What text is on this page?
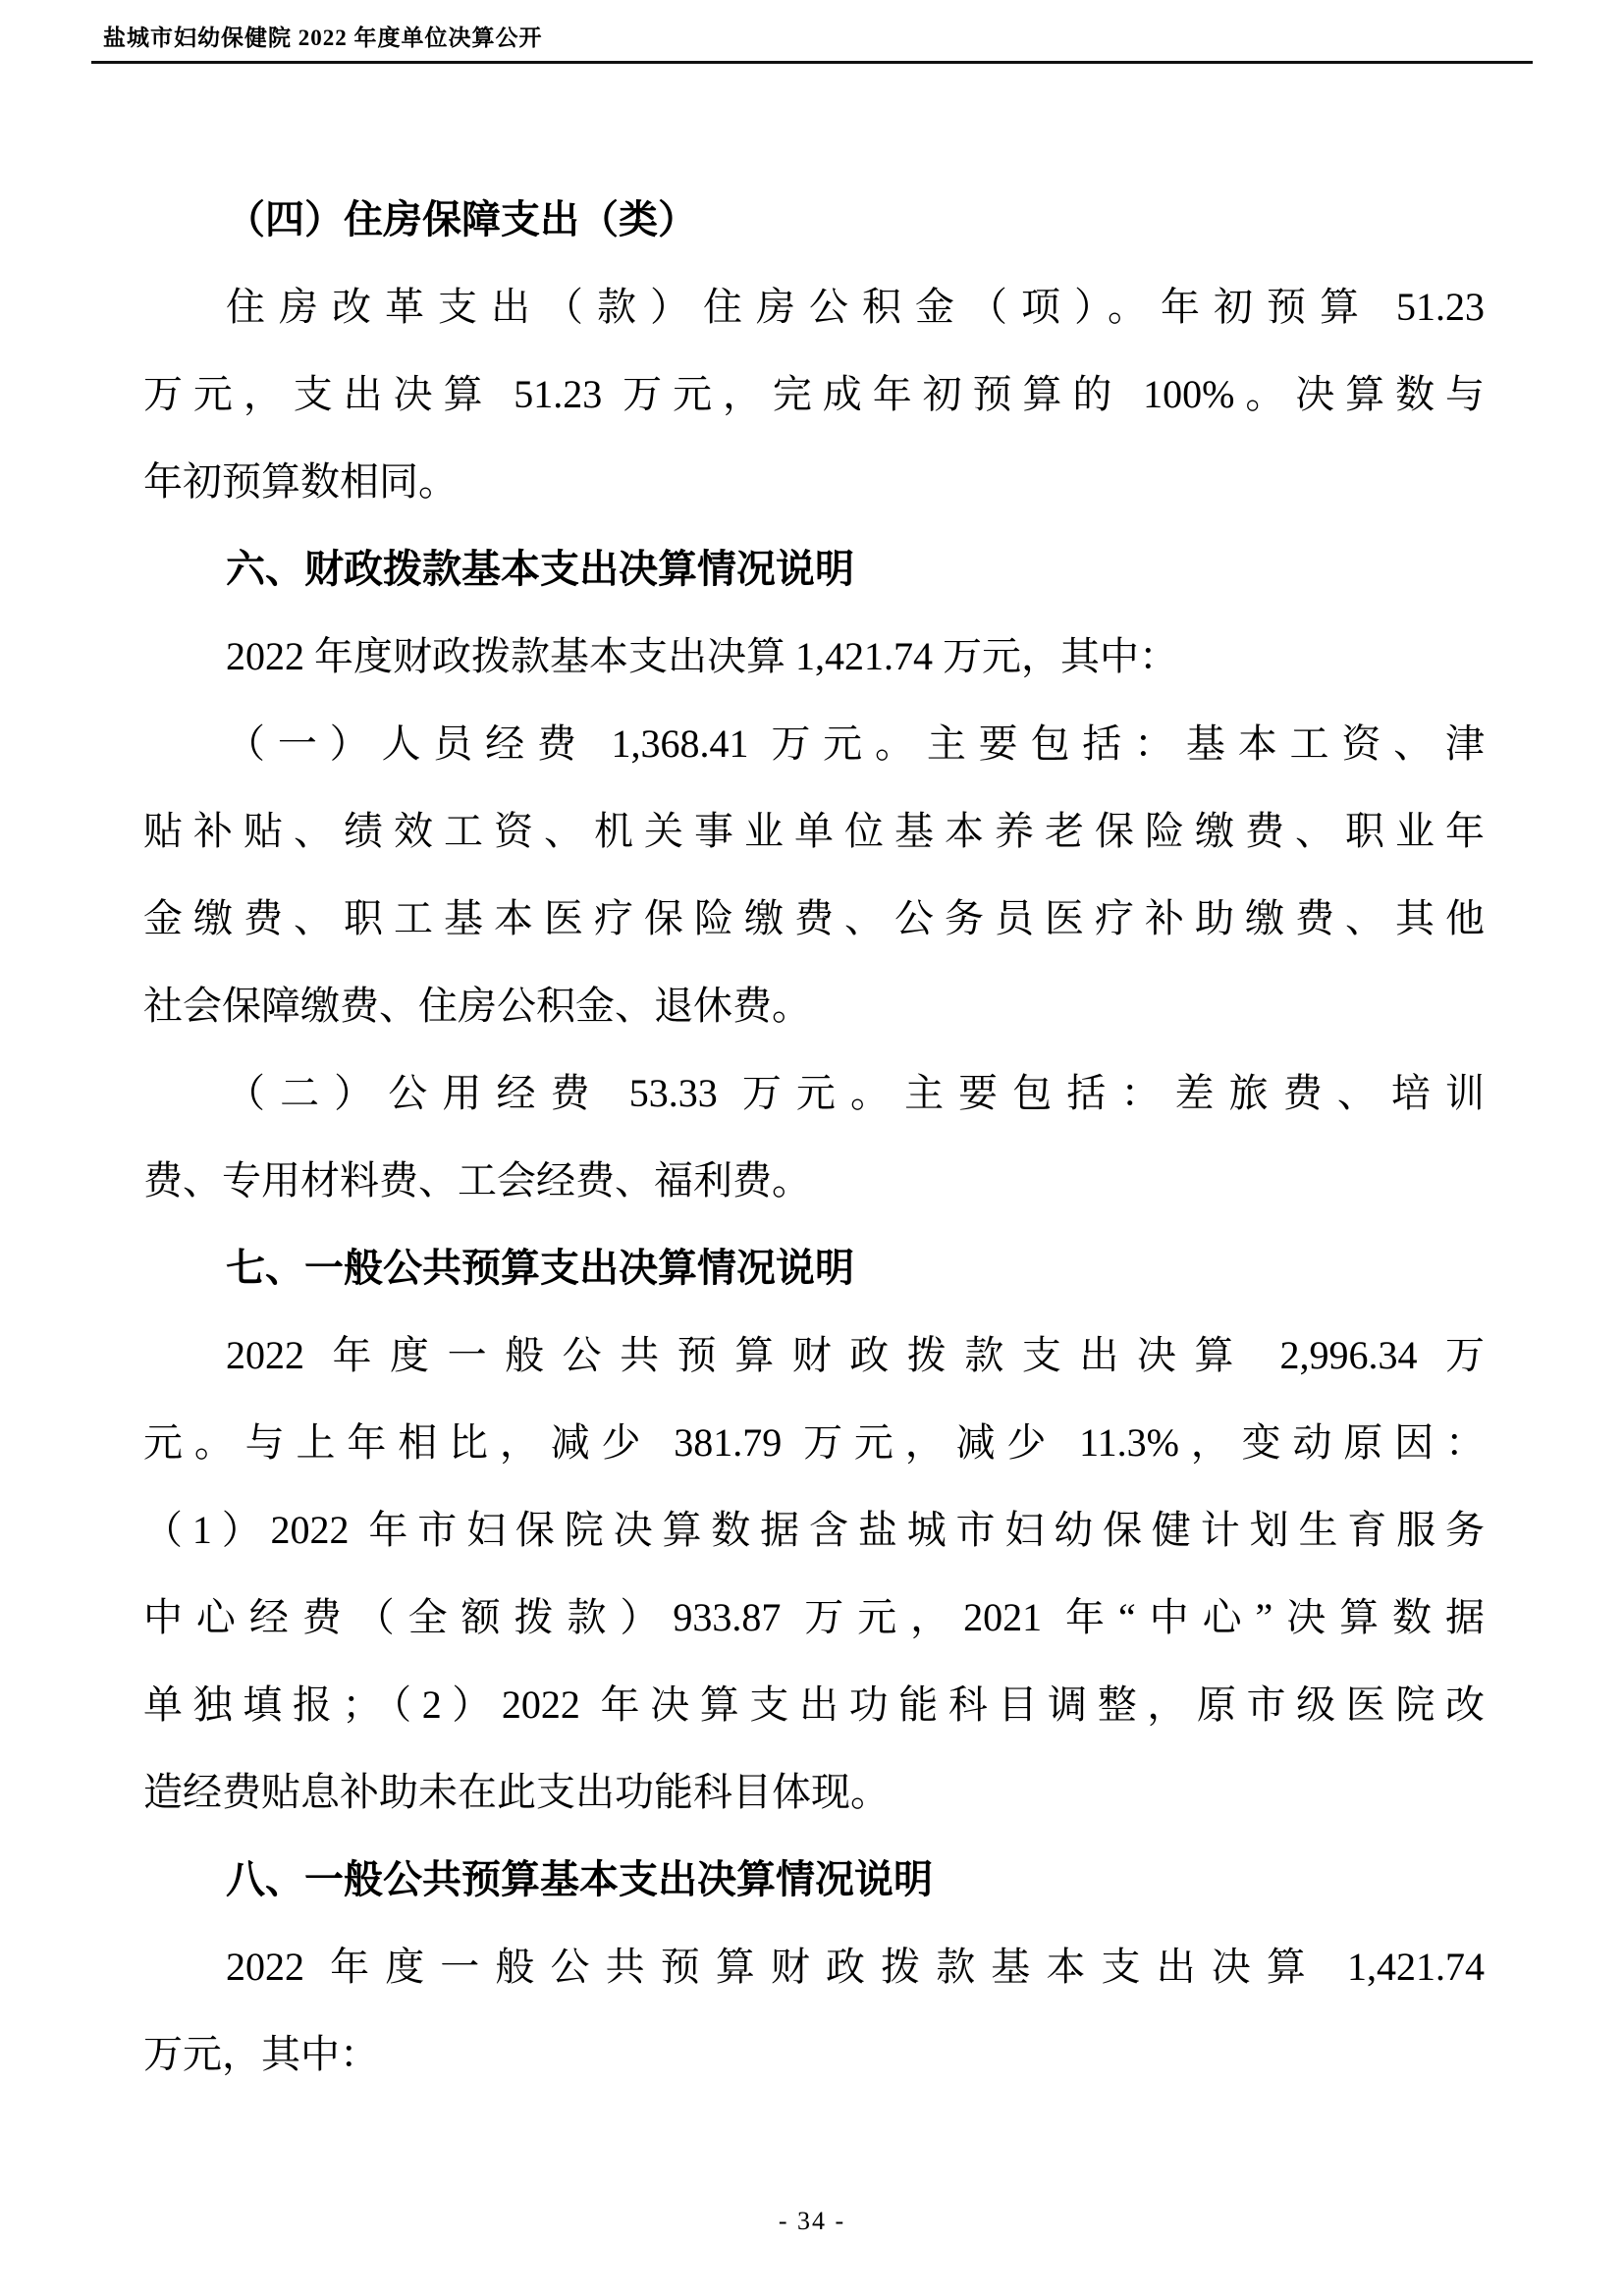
盐城市妇幼保健院 2022 年度单位决算公开
（四）住房保障支出（类）
住房改革支出（款）住房公积金（项）。年初预算 51.23
万元，支出决算 51.23 万元，完成年初预算的 100%。决算数与
年初预算数相同。
六、财政拨款基本支出决算情况说明
2022 年度财政拨款基本支出决算 1,421.74 万元，其中：
（一）人员经费 1,368.41 万元。主要包括：基本工资、津
贴补贴、绩效工资、机关事业单位基本养老保险缴费、职业年
金缴费、职工基本医疗保险缴费、公务员医疗补助缴费、其他
社会保障缴费、住房公积金、退休费。
（二）公用经费 53.33 万元。主要包括：差旅费、培训
费、专用材料费、工会经费、福利费。
七、一般公共预算支出决算情况说明
2022 年度一般公共预算财政拨款支出决算 2,996.34 万
元。与上年相比，减少 381.79 万元，减少 11.3%，变动原因：
（1）2022 年市妇保院决算数据含盐城市妇幼保健计划生育服务
中心经费（全额拨款）933.87 万元，2021 年“中心”决算数据
单独填报；（2）2022 年决算支出功能科目调整，原市级医院改
造经费贴息补助未在此支出功能科目体现。
八、一般公共预算基本支出决算情况说明
2022 年度一般公共预算财政拨款基本支出决算 1,421.74
万元，其中：
- 34 -
